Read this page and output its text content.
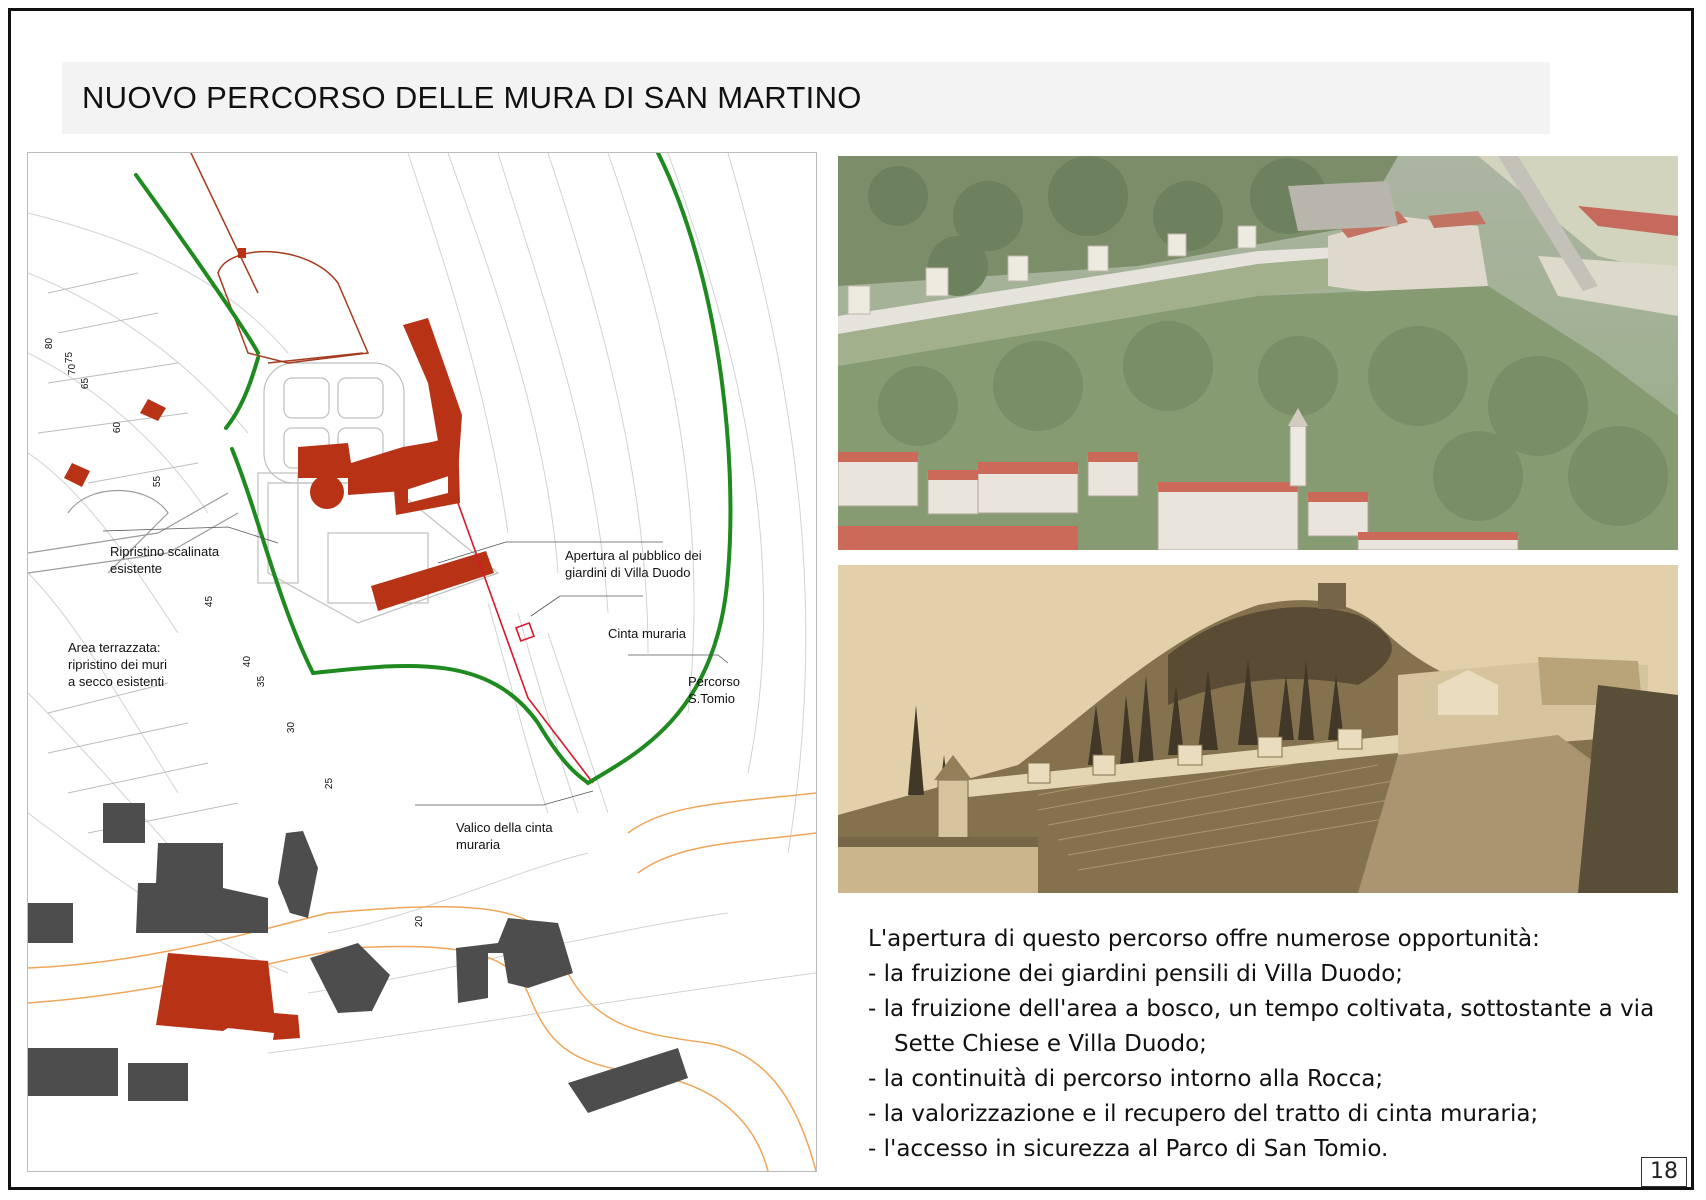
NUOVO PERCORSO DELLE MURA DI SAN MARTINO
80
75
70
65
60
55
45
40
35
30
25
20
Ripristino scalinata
esistente
Area terrazzata:
ripristino dei muri
a secco esistenti
Apertura al pubblico dei
giardini di Villa Duodo
Cinta muraria
Percorso
S.Tomio
Valico della cinta
muraria
L'apertura di questo percorso offre numerose opportunità:
- la fruizione dei giardini pensili di Villa Duodo;
- la fruizione dell'area a bosco, un tempo coltivata, sottostante a via Sette Chiese e Villa Duodo;
- la continuità di percorso intorno alla Rocca;
- la valorizzazione e il recupero del tratto di cinta muraria;
- l'accesso in sicurezza al Parco di San Tomio.
18
